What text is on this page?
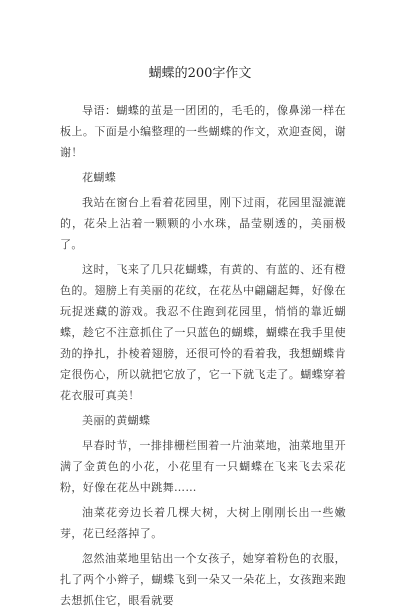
蝴蝶的200字作文

导语：蝴蝶的茧是一团团的，毛毛的，像鼻涕一样在板上。下面是小编整理的一些蝴蝶的作文，欢迎查阅，谢谢！

花蝴蝶

我站在窗台上看着花园里，刚下过雨，花园里湿漉漉的，花朵上沾着一颗颗的小水珠，晶莹剔透的，美丽极了。

这时，飞来了几只花蝴蝶，有黄的、有蓝的、还有橙色的。翅膀上有美丽的花纹，在花丛中翩翩起舞，好像在玩捉迷藏的游戏。我忍不住跑到花园里，悄悄的靠近蝴蝶，趁它不注意抓住了一只蓝色的蝴蝶，蝴蝶在我手里使劲的挣扎，扑棱着翅膀，还很可怜的看着我，我想蝴蝶肯定很伤心，所以就把它放了，它一下就飞走了。蝴蝶穿着花衣服可真美！

美丽的黄蝴蝶

早春时节，一排排栅栏围着一片油菜地，油菜地里开满了金黄色的小花，小花里有一只蝴蝶在飞来飞去采花粉，好像在花丛中跳舞……

油菜花旁边长着几棵大树，大树上刚刚长出一些嫩芽，花已经落掉了。

忽然油菜地里钻出一个女孩子，她穿着粉色的衣服，扎了两个小辫子，蝴蝶飞到一朵又一朵花上，女孩跑来跑去想抓住它，眼看就要
